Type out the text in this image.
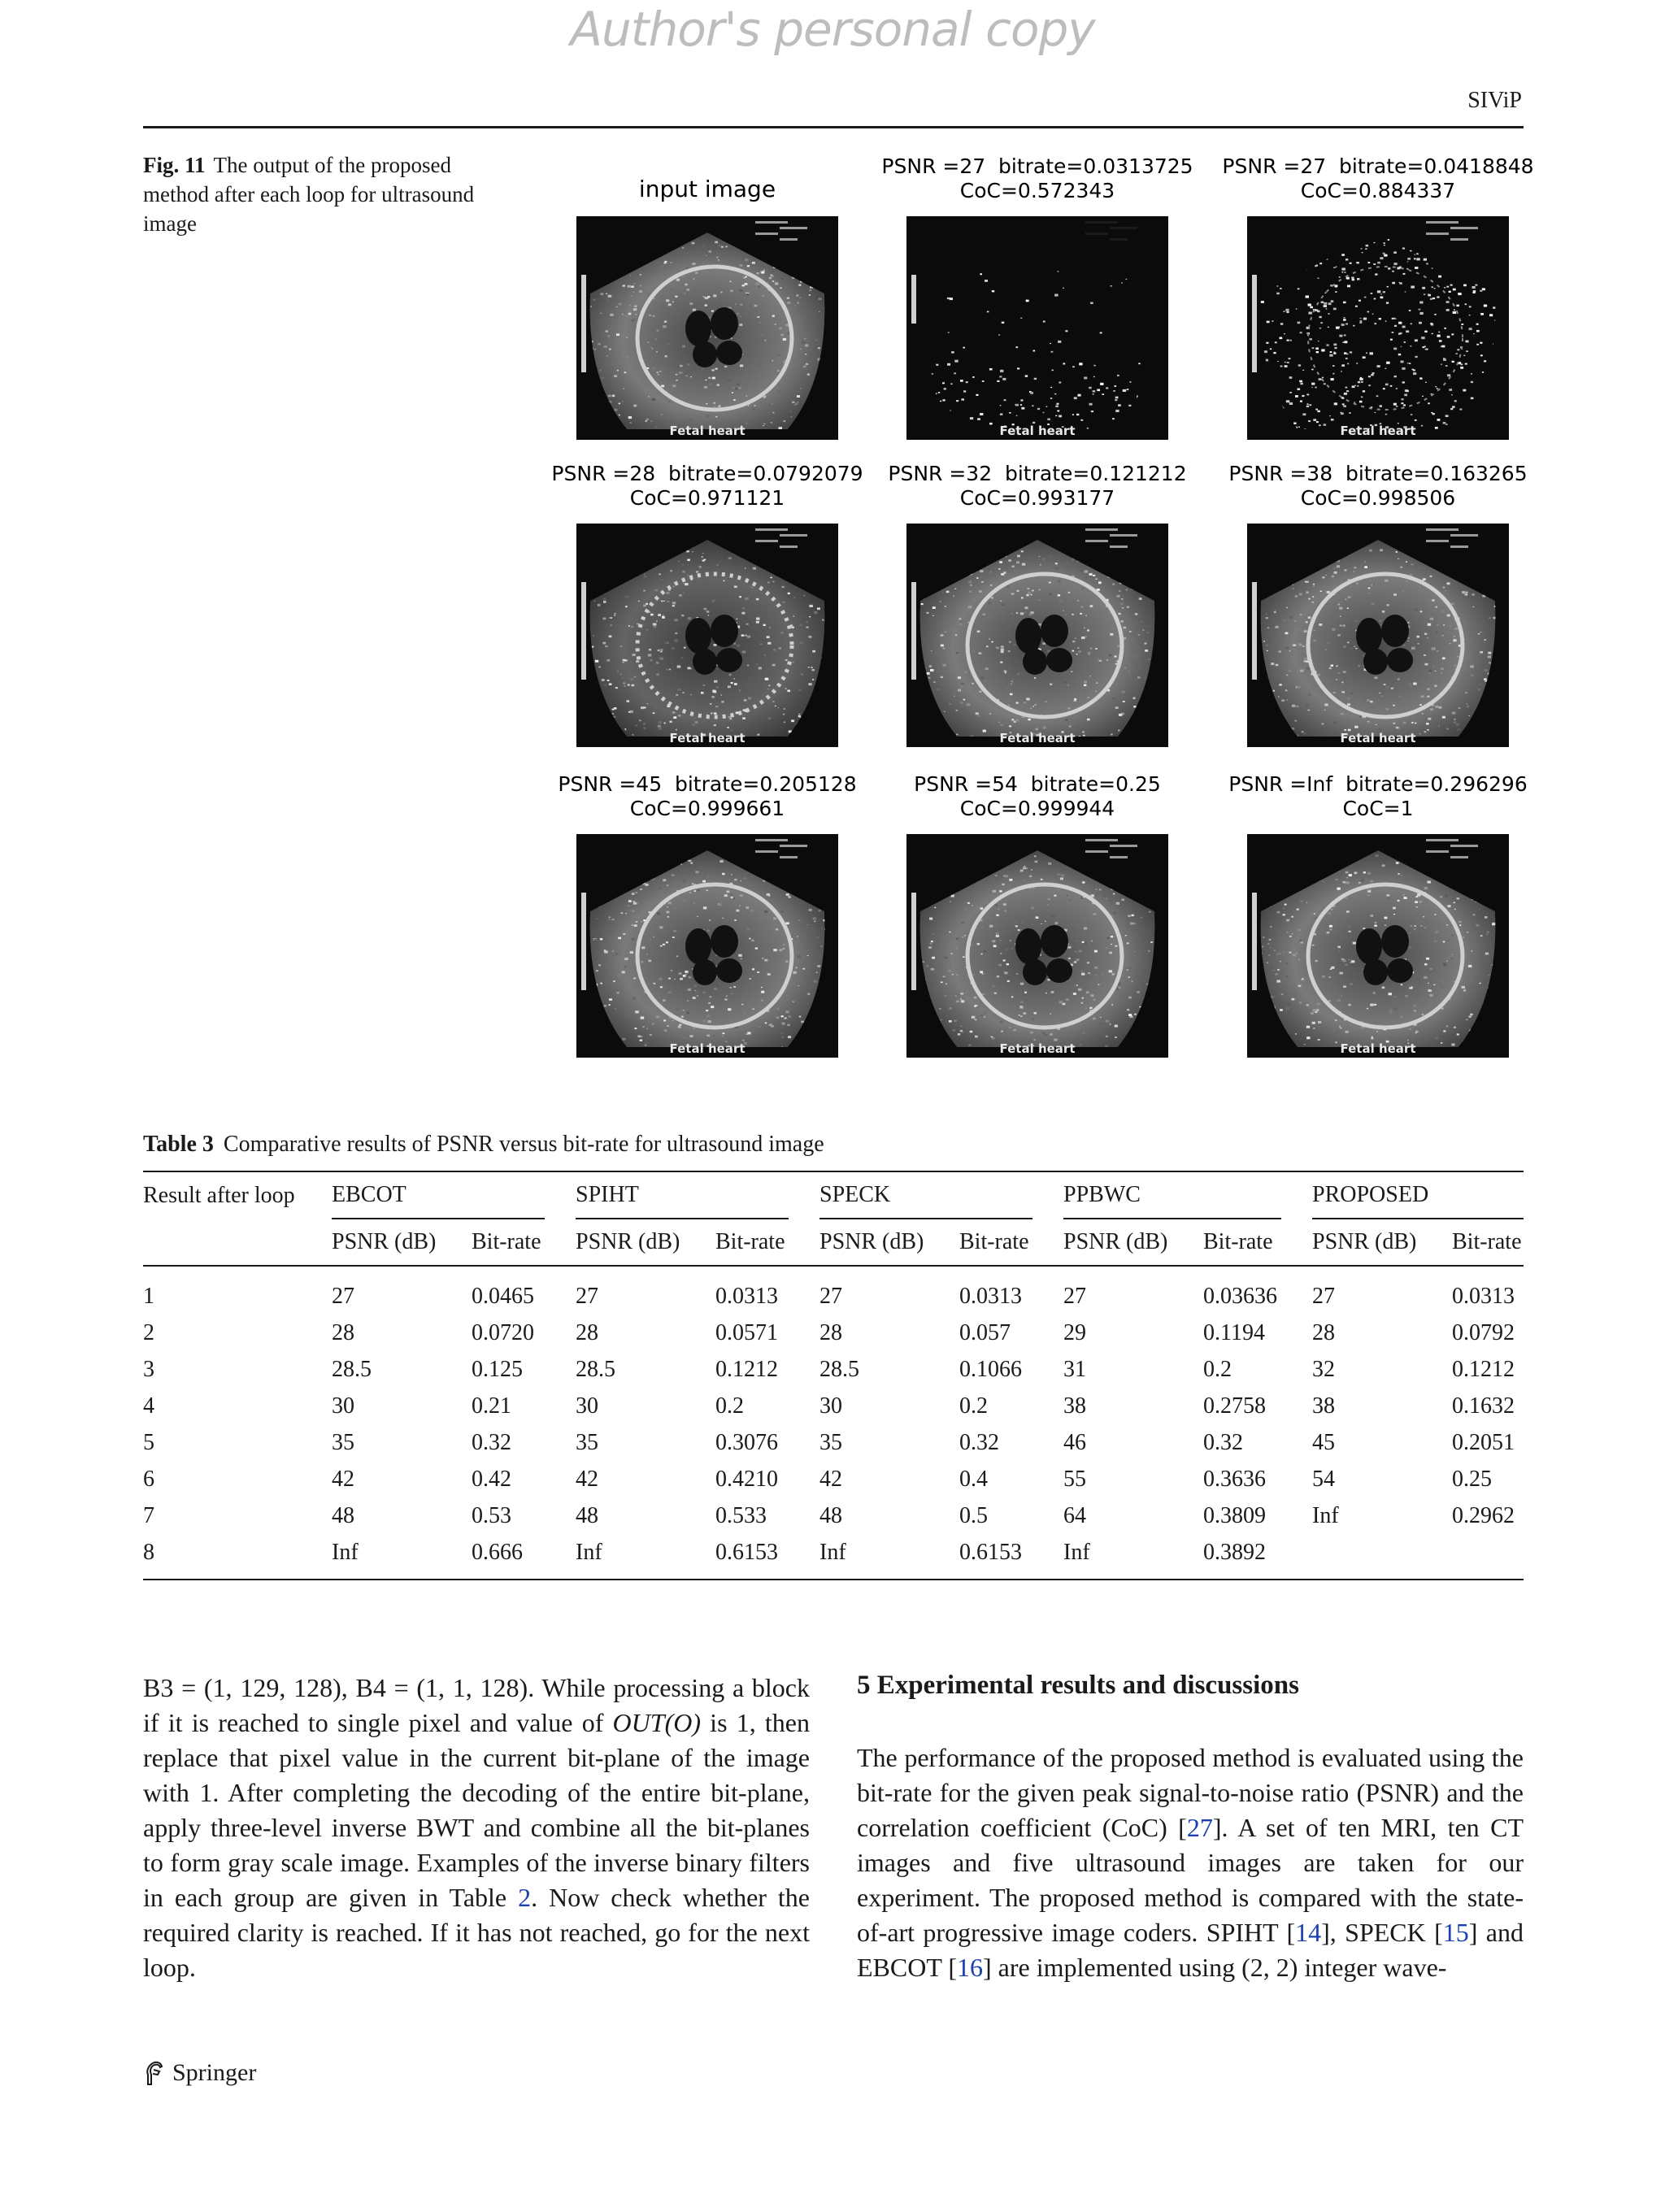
Author's personal copy
SIViP
Fig. 11 The output of the proposed method after each loop for ultrasound image
input image
Fetal heart
PSNR =27  bitrate=0.0313725
CoC=0.572343
Fetal heart
PSNR =27  bitrate=0.0418848
CoC=0.884337
Fetal heart
PSNR =28  bitrate=0.0792079
CoC=0.971121
Fetal heart
PSNR =32  bitrate=0.121212
CoC=0.993177
Fetal heart
PSNR =38  bitrate=0.163265
CoC=0.998506
Fetal heart
PSNR =45  bitrate=0.205128
CoC=0.999661
Fetal heart
PSNR =54  bitrate=0.25
CoC=0.999944
Fetal heart
PSNR =Inf  bitrate=0.296296
CoC=1
Fetal heart
Table 3 Comparative results of PSNR versus bit-rate for ultrasound image
Result after loop	EBCOT		SPIHT		SPECK		PPBWC		PROPOSED	

	PSNR (dB)	Bit-rate	PSNR (dB)	Bit-rate	PSNR (dB)	Bit-rate	PSNR (dB)	Bit-rate	PSNR (dB)	Bit-rate
1	27	0.0465	27	0.0313	27	0.0313	27	0.03636	27	0.0313
2	28	0.0720	28	0.0571	28	0.057	29	0.1194	28	0.0792
3	28.5	0.125	28.5	0.1212	28.5	0.1066	31	0.2	32	0.1212
4	30	0.21	30	0.2	30	0.2	38	0.2758	38	0.1632
5	35	0.32	35	0.3076	35	0.32	46	0.32	45	0.2051
6	42	0.42	42	0.4210	42	0.4	55	0.3636	54	0.25
7	48	0.53	48	0.533	48	0.5	64	0.3809	Inf	0.2962
8	Inf	0.666	Inf	0.6153	Inf	0.6153	Inf	0.3892		

B3 = (1, 129, 128), B4 = (1, 1, 128). While processing a block if it is reached to single pixel and value of OUT(O) is 1, then replace that pixel value in the current bit-plane of the image with 1. After completing the decoding of the entire bit-plane, apply three-level inverse BWT and combine all the bit-planes to form gray scale image. Examples of the inverse binary filters in each group are given in Table 2. Now check whether the required clarity is reached. If it has not reached, go for the next loop.

5 Experimental results and discussions

The performance of the proposed method is evaluated using the bit-rate for the given peak signal-to-noise ratio (PSNR) and the correlation coefficient (CoC) [27]. A set of ten MRI, ten CT images and five ultrasound images are taken for our experiment. The proposed method is compared with the state-of-art progressive image coders. SPIHT [14], SPECK [15] and EBCOT [16] are implemented using (2, 2) integer wave-

Springer
